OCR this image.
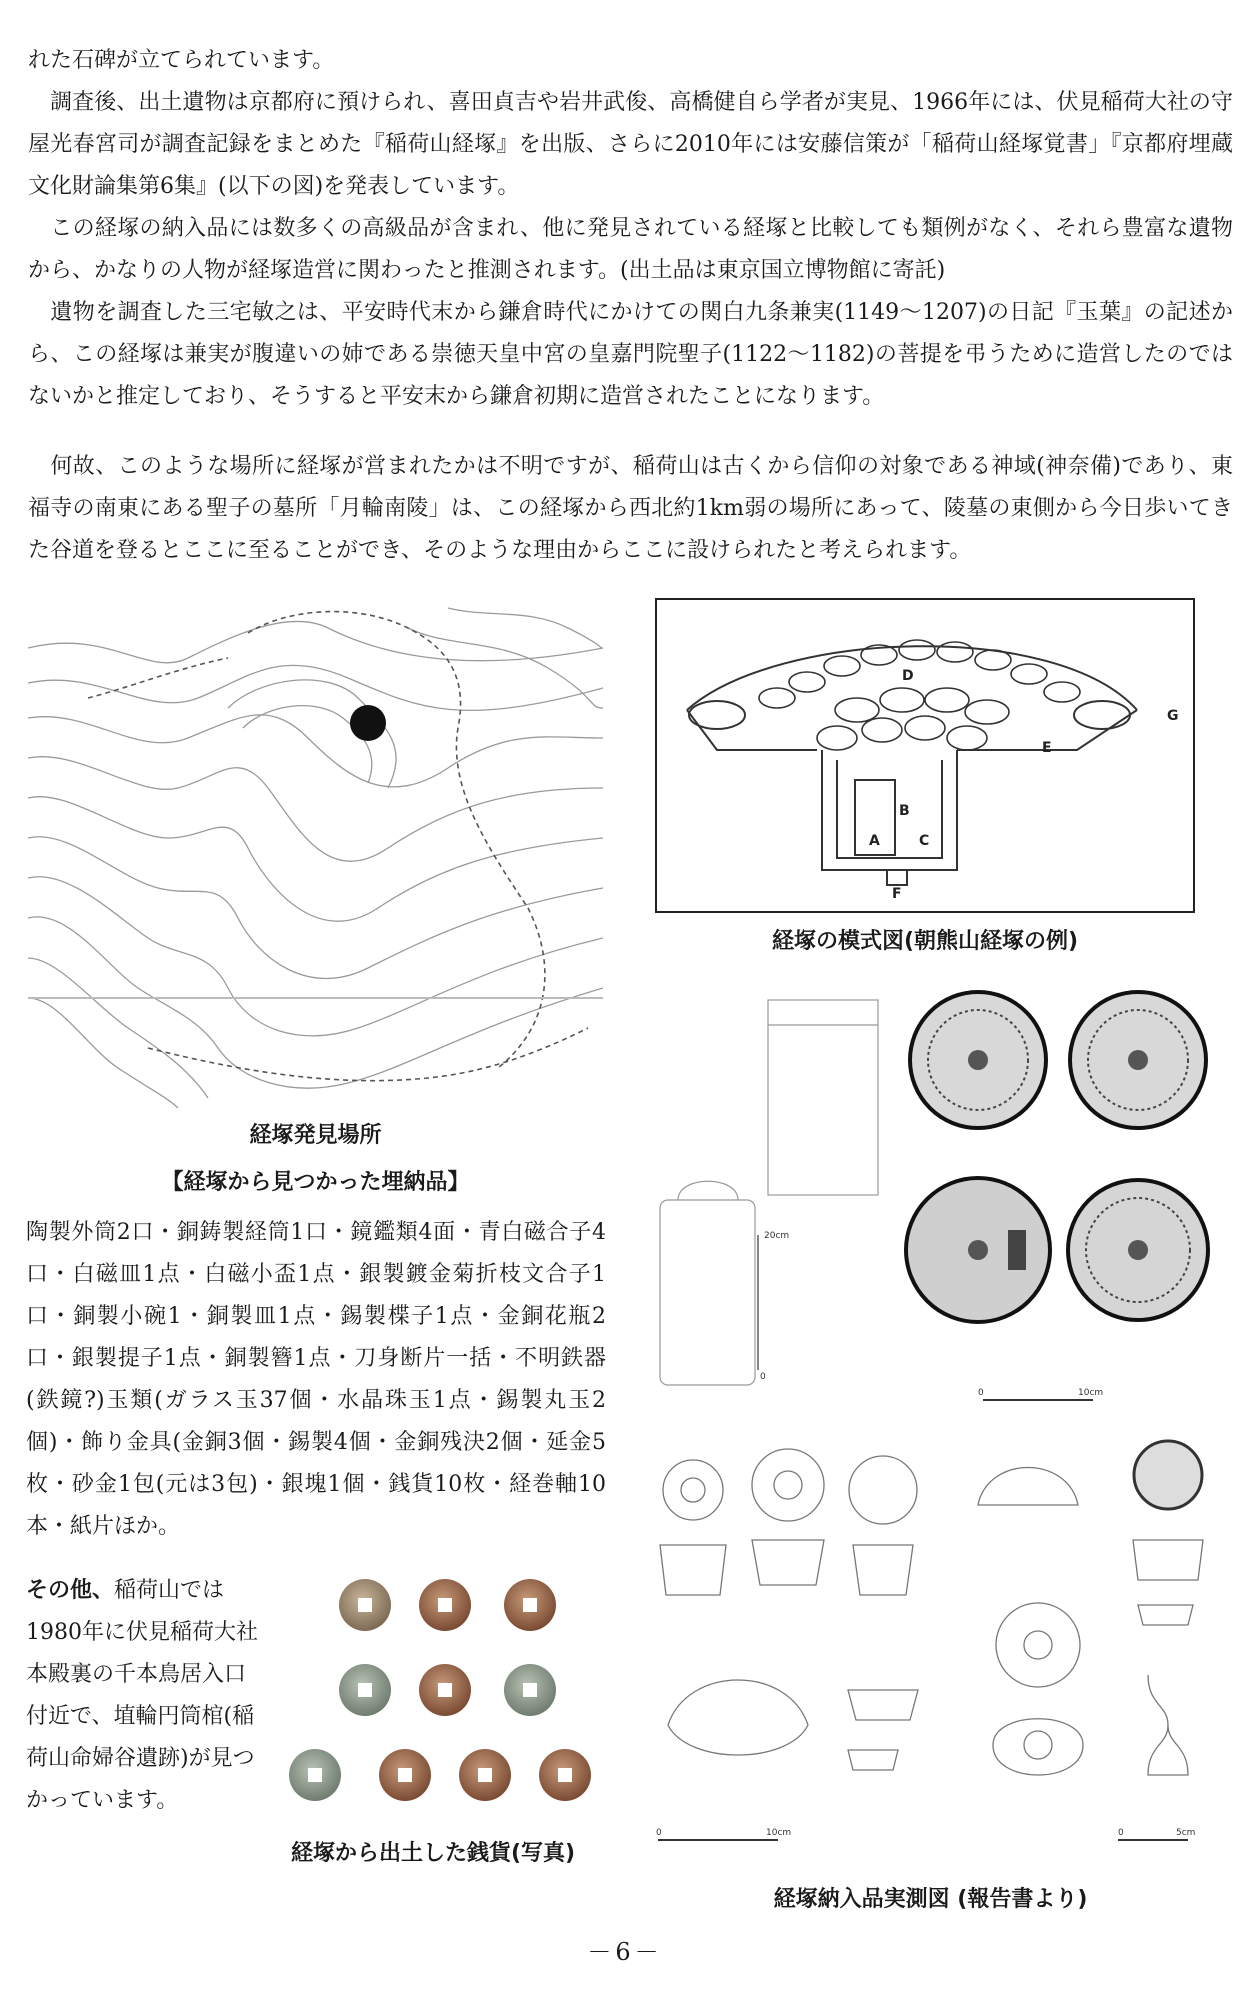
れた石碑が立てられています。

　調査後、出土遺物は京都府に預けられ、喜田貞吉や岩井武俊、高橋健自ら学者が実見、1966年には、伏見稲荷大社の守屋光春宮司が調査記録をまとめた『稲荷山経塚』を出版、さらに2010年には安藤信策が「稲荷山経塚覚書」『京都府埋蔵文化財論集第6集』(以下の図)を発表しています。

　この経塚の納入品には数多くの高級品が含まれ、他に発見されている経塚と比較しても類例がなく、それら豊富な遺物から、かなりの人物が経塚造営に関わったと推測されます。(出土品は東京国立博物館に寄託)

　遺物を調査した三宅敏之は、平安時代末から鎌倉時代にかけての関白九条兼実(1149～1207)の日記『玉葉』の記述から、この経塚は兼実が腹違いの姉である崇徳天皇中宮の皇嘉門院聖子(1122～1182)の菩提を弔うために造営したのではないかと推定しており、そうすると平安末から鎌倉初期に造営されたことになります。

　何故、このような場所に経塚が営まれたかは不明ですが、稲荷山は古くから信仰の対象である神域(神奈備)であり、東福寺の南東にある聖子の墓所「月輪南陵」は、この経塚から西北約1km弱の場所にあって、陵墓の東側から今日歩いてきた谷道を登るとここに至ることができ、そのような理由からここに設けられたと考えられます。

経塚発見場所
【経塚から見つかった埋納品】

陶製外筒2口・銅鋳製経筒1口・鏡鑑類4面・青白磁合子4口・白磁皿1点・白磁小盃1点・銀製鍍金菊折枝文合子1口・銅製小碗1・銅製皿1点・錫製楪子1点・金銅花瓶2口・銀製提子1点・銅製簪1点・刀身断片一括・不明鉄器(鉄鏡?)玉類(ガラス玉37個・水晶珠玉1点・錫製丸玉2個)・飾り金具(金銅3個・錫製4個・金銅残決2個・延金5枚・砂金1包(元は3包)・銀塊1個・銭貨10枚・経巻軸10本・紙片ほか。

その他、稲荷山では1980年に伏見稲荷大社本殿裏の千本鳥居入口付近で、埴輪円筒棺(稲荷山命婦谷遺跡)が見つかっています。

経塚から出土した銭貨(写真)
D
E
G
B
A	C
F
経塚の模式図(朝熊山経塚の例)
20cm
0
0	10cm
0	10cm	0	5cm
経塚納入品実測図 (報告書より)
－6－
